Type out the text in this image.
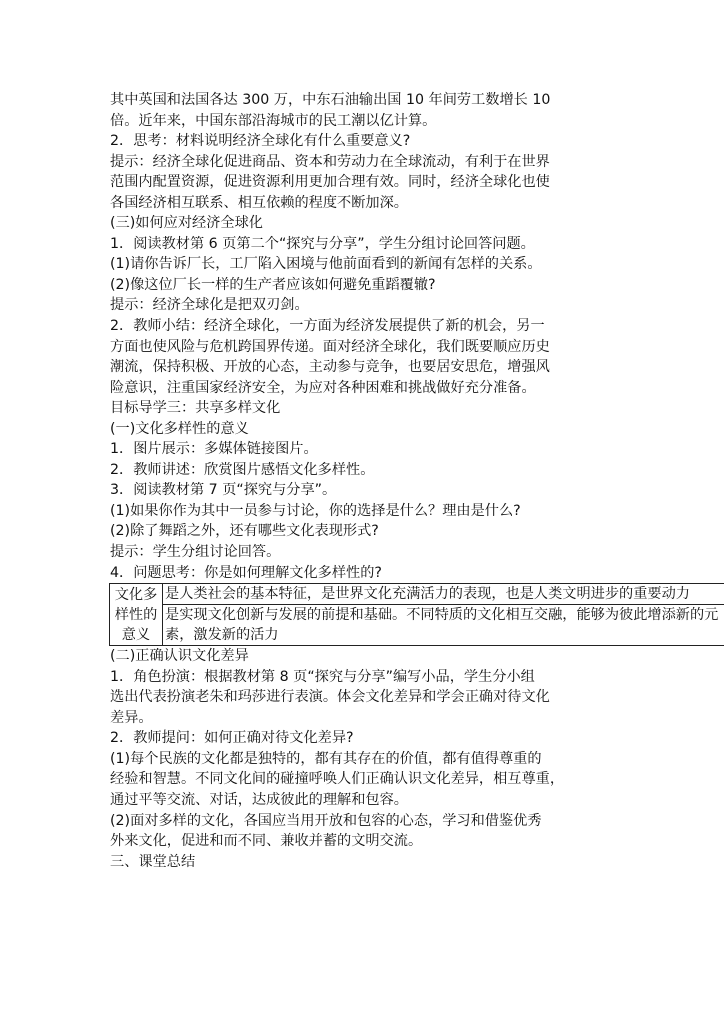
其中英国和法国各达 300 万，中东石油输出国 10 年间劳工数增长 10
倍。近年来，中国东部沿海城市的民工潮以亿计算。
2．思考：材料说明经济全球化有什么重要意义?
提示：经济全球化促进商品、资本和劳动力在全球流动，有利于在世界
范围内配置资源，促进资源利用更加合理有效。同时，经济全球化也使
各国经济相互联系、相互依赖的程度不断加深。
(三)如何应对经济全球化
1．阅读教材第 6 页第二个“探究与分享”，学生分组讨论回答问题。
(1)请你告诉厂长，工厂陷入困境与他前面看到的新闻有怎样的关系。
(2)像这位厂长一样的生产者应该如何避免重蹈覆辙?
提示：经济全球化是把双刃剑。
2．教师小结：经济全球化，一方面为经济发展提供了新的机会，另一
方面也使风险与危机跨国界传递。面对经济全球化，我们既要顺应历史
潮流，保持积极、开放的心态，主动参与竞争，也要居安思危，增强风
险意识，注重国家经济安全，为应对各种困难和挑战做好充分准备。
目标导学三：共享多样文化
(一)文化多样性的意义
1．图片展示：多媒体链接图片。
2．教师讲述：欣赏图片感悟文化多样性。
3．阅读教材第 7 页“探究与分享”。
(1)如果你作为其中一员参与讨论，你的选择是什么？理由是什么?
(2)除了舞蹈之外，还有哪些文化表现形式?
提示：学生分组讨论回答。
4．问题思考：你是如何理解文化多样性的?
文化多样性的意义	是人类社会的基本特征，是世界文化充满活力的表现，也是人类文明进步的重要动力
是实现文化创新与发展的前提和基础。不同特质的文化相互交融，能够为彼此增添新的元素，激发新的活力
(二)正确认识文化差异
1．角色扮演：根据教材第 8 页“探究与分享”编写小品，学生分小组
选出代表扮演老朱和玛莎进行表演。体会文化差异和学会正确对待文化
差异。
2．教师提问：如何正确对待文化差异?
(1)每个民族的文化都是独特的，都有其存在的价值，都有值得尊重的
经验和智慧。不同文化间的碰撞呼唤人们正确认识文化差异，相互尊重，
通过平等交流、对话，达成彼此的理解和包容。
(2)面对多样的文化，各国应当用开放和包容的心态，学习和借鉴优秀
外来文化，促进和而不同、兼收并蓄的文明交流。
三、课堂总结
